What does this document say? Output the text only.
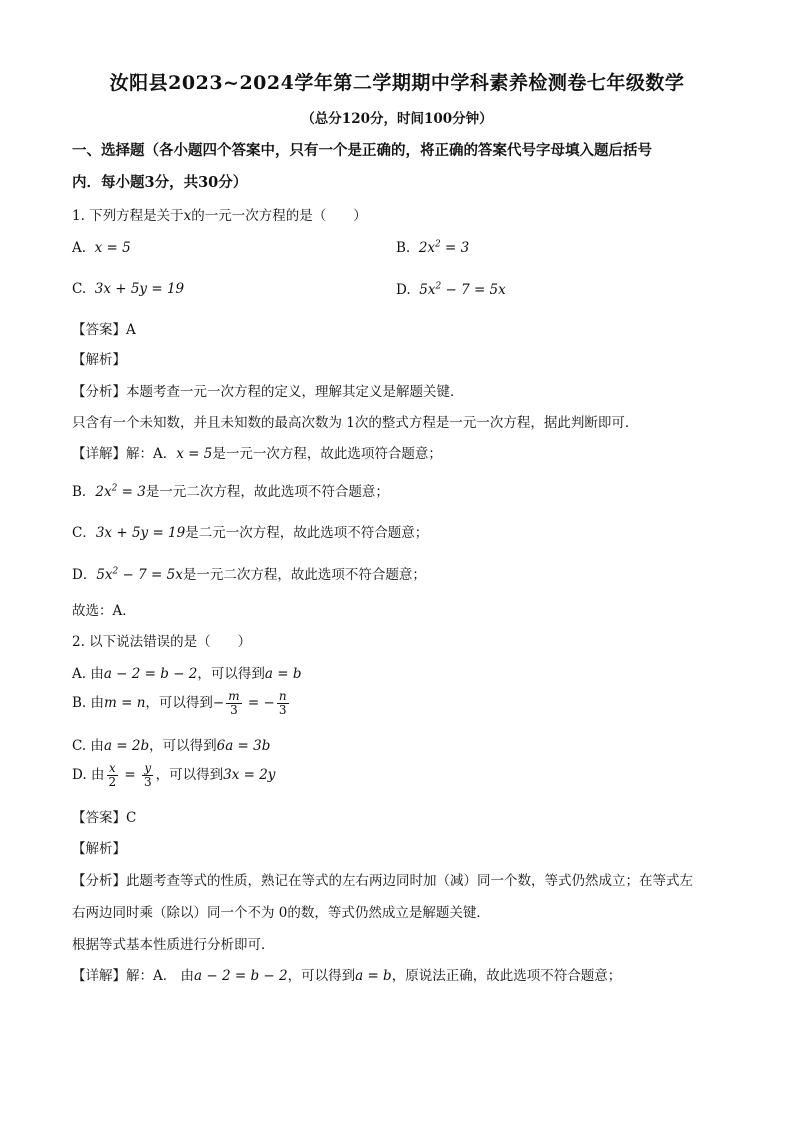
汝阳县2023~2024学年第二学期期中学科素养检测卷七年级数学
（总分120分，时间100分钟）
一、选择题（各小题四个答案中，只有一个是正确的，将正确的答案代号字母填入题后括号
内．每小题3分，共30分）
1. 下列方程是关于x的一元一次方程的是（　　）
A. x = 5	B. $2x^2 = 3$
C. 3x + 5y = 19	D. $5x^2 - 7 = 5x$
【答案】A
【解析】
【分析】本题考查一元一次方程的定义，理解其定义是解题关键．
只含有一个未知数，并且未知数的最高次数为 1次的整式方程是一元一次方程，据此判断即可．
【详解】解：A．x = 5是一元一次方程，故此选项符合题意；
B．$2x^2 = 3$是一元二次方程，故此选项不符合题意；
C．3x + 5y = 19是二元一次方程，故此选项不符合题意；
D．$5x^2 - 7 = 5x$是一元二次方程，故此选项不符合题意；
故选：A．
2. 以下说法错误的是（　　）
A. 由a − 2 = b − 2，可以得到a = b
B. 由m = n，可以得到− $\frac{m}{3}$ = − $\frac{n}{3}$
C. 由a = 2b，可以得到6a = 3b
D. 由 $\frac{x}{2} = \frac{y}{3}$ ，可以得到3x = 2y
【答案】C
【解析】
【分析】此题考查等式的性质，熟记在等式的左右两边同时加（减）同一个数，等式仍然成立；在等式左
右两边同时乘（除以）同一个不为 0的数，等式仍然成立是解题关键．
根据等式基本性质进行分析即可．
【详解】解：A． 由a − 2 = b − 2，可以得到a = b，原说法正确，故此选项不符合题意；
